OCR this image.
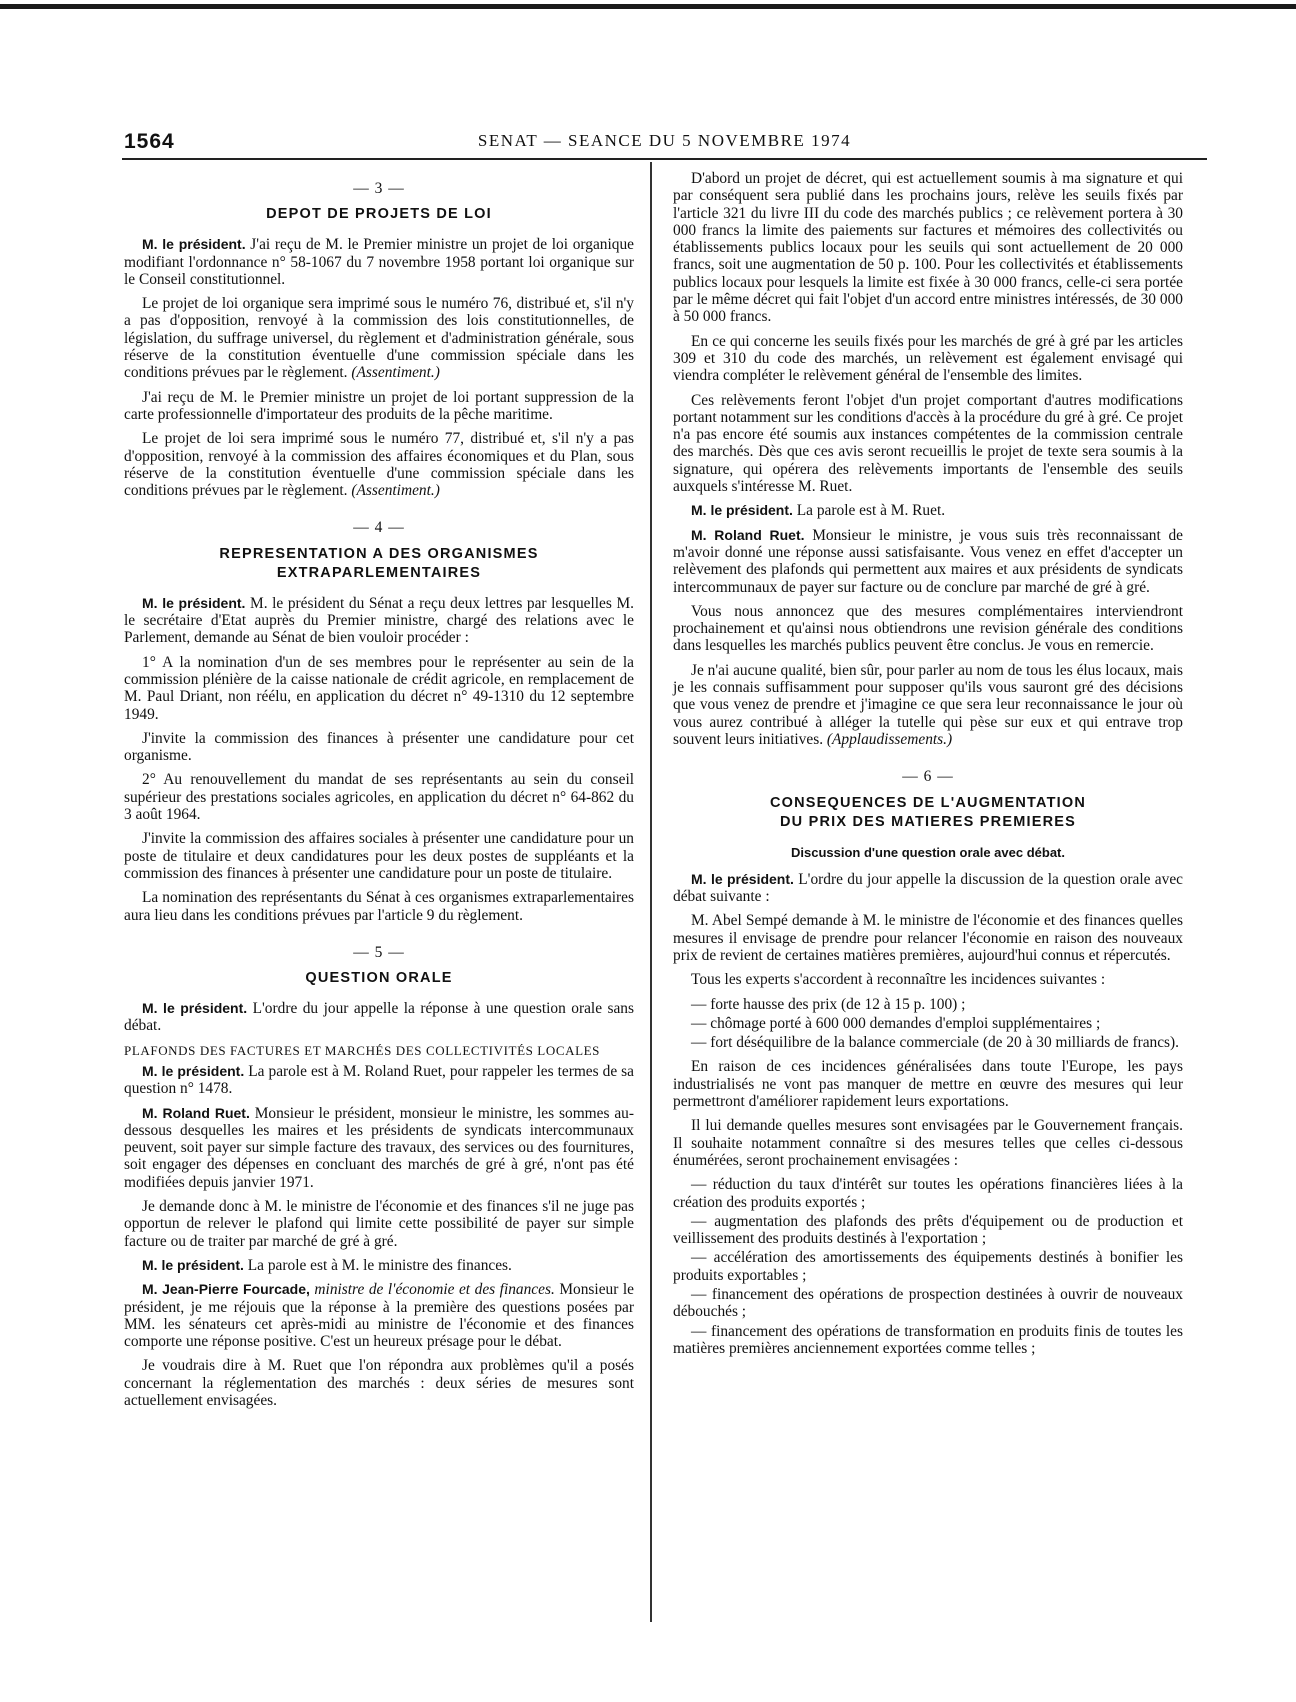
1564	SENAT — SEANCE DU 5 NOVEMBRE 1974
— 3 —
DEPOT DE PROJETS DE LOI

M. le président. J'ai reçu de M. le Premier ministre un projet de loi organique modifiant l'ordonnance n° 58-1067 du 7 novembre 1958 portant loi organique sur le Conseil constitutionnel.

Le projet de loi organique sera imprimé sous le numéro 76, distribué et, s'il n'y a pas d'opposition, renvoyé à la commission des lois constitutionnelles, de législation, du suffrage universel, du règlement et d'administration générale, sous réserve de la constitution éventuelle d'une commission spéciale dans les conditions prévues par le règlement. (Assentiment.)

J'ai reçu de M. le Premier ministre un projet de loi portant suppression de la carte professionnelle d'importateur des produits de la pêche maritime.

Le projet de loi sera imprimé sous le numéro 77, distribué et, s'il n'y a pas d'opposition, renvoyé à la commission des affaires économiques et du Plan, sous réserve de la constitution éventuelle d'une commission spéciale dans les conditions prévues par le règlement. (Assentiment.)

— 4 —
REPRESENTATION A DES ORGANISMES
EXTRAPARLEMENTAIRES

M. le président. M. le président du Sénat a reçu deux lettres par lesquelles M. le secrétaire d'Etat auprès du Premier ministre, chargé des relations avec le Parlement, demande au Sénat de bien vouloir procéder :

1° A la nomination d'un de ses membres pour le représenter au sein de la commission plénière de la caisse nationale de crédit agricole, en remplacement de M. Paul Driant, non réélu, en application du décret n° 49-1310 du 12 septembre 1949.

J'invite la commission des finances à présenter une candidature pour cet organisme.

2° Au renouvellement du mandat de ses représentants au sein du conseil supérieur des prestations sociales agricoles, en application du décret n° 64-862 du 3 août 1964.

J'invite la commission des affaires sociales à présenter une candidature pour un poste de titulaire et deux candidatures pour les deux postes de suppléants et la commission des finances à présenter une candidature pour un poste de titulaire.

La nomination des représentants du Sénat à ces organismes extraparlementaires aura lieu dans les conditions prévues par l'article 9 du règlement.

— 5 —
QUESTION ORALE

M. le président. L'ordre du jour appelle la réponse à une question orale sans débat.

PLAFONDS DES FACTURES ET MARCHÉS DES COLLECTIVITÉS LOCALES

M. le président. La parole est à M. Roland Ruet, pour rappeler les termes de sa question n° 1478.

M. Roland Ruet. Monsieur le président, monsieur le ministre, les sommes au-dessous desquelles les maires et les présidents de syndicats intercommunaux peuvent, soit payer sur simple facture des travaux, des services ou des fournitures, soit engager des dépenses en concluant des marchés de gré à gré, n'ont pas été modifiées depuis janvier 1971.

Je demande donc à M. le ministre de l'économie et des finances s'il ne juge pas opportun de relever le plafond qui limite cette possibilité de payer sur simple facture ou de traiter par marché de gré à gré.

M. le président. La parole est à M. le ministre des finances.

M. Jean-Pierre Fourcade, ministre de l'économie et des finances. Monsieur le président, je me réjouis que la réponse à la première des questions posées par MM. les sénateurs cet après-midi au ministre de l'économie et des finances comporte une réponse positive. C'est un heureux présage pour le débat.

Je voudrais dire à M. Ruet que l'on répondra aux problèmes qu'il a posés concernant la réglementation des marchés : deux séries de mesures sont actuellement envisagées.

D'abord un projet de décret, qui est actuellement soumis à ma signature et qui par conséquent sera publié dans les prochains jours, relève les seuils fixés par l'article 321 du livre III du code des marchés publics ; ce relèvement portera à 30 000 francs la limite des paiements sur factures et mémoires des collectivités ou établissements publics locaux pour les seuils qui sont actuellement de 20 000 francs, soit une augmentation de 50 p. 100. Pour les collectivités et établissements publics locaux pour lesquels la limite est fixée à 30 000 francs, celle-ci sera portée par le même décret qui fait l'objet d'un accord entre ministres intéressés, de 30 000 à 50 000 francs.

En ce qui concerne les seuils fixés pour les marchés de gré à gré par les articles 309 et 310 du code des marchés, un relèvement est également envisagé qui viendra compléter le relèvement général de l'ensemble des limites.

Ces relèvements feront l'objet d'un projet comportant d'autres modifications portant notamment sur les conditions d'accès à la procédure du gré à gré. Ce projet n'a pas encore été soumis aux instances compétentes de la commission centrale des marchés. Dès que ces avis seront recueillis le projet de texte sera soumis à la signature, qui opérera des relèvements importants de l'ensemble des seuils auxquels s'intéresse M. Ruet.

M. le président. La parole est à M. Ruet.

M. Roland Ruet. Monsieur le ministre, je vous suis très reconnaissant de m'avoir donné une réponse aussi satisfaisante. Vous venez en effet d'accepter un relèvement des plafonds qui permettent aux maires et aux présidents de syndicats intercommunaux de payer sur facture ou de conclure par marché de gré à gré.

Vous nous annoncez que des mesures complémentaires interviendront prochainement et qu'ainsi nous obtiendrons une revision générale des conditions dans lesquelles les marchés publics peuvent être conclus. Je vous en remercie.

Je n'ai aucune qualité, bien sûr, pour parler au nom de tous les élus locaux, mais je les connais suffisamment pour supposer qu'ils vous sauront gré des décisions que vous venez de prendre et j'imagine ce que sera leur reconnaissance le jour où vous aurez contribué à alléger la tutelle qui pèse sur eux et qui entrave trop souvent leurs initiatives. (Applaudissements.)

— 6 —
CONSEQUENCES DE L'AUGMENTATION
DU PRIX DES MATIERES PREMIERES
Discussion d'une question orale avec débat.

M. le président. L'ordre du jour appelle la discussion de la question orale avec débat suivante :

M. Abel Sempé demande à M. le ministre de l'économie et des finances quelles mesures il envisage de prendre pour relancer l'économie en raison des nouveaux prix de revient de certaines matières premières, aujourd'hui connus et répercutés.

Tous les experts s'accordent à reconnaître les incidences suivantes :

— forte hausse des prix (de 12 à 15 p. 100) ;

— chômage porté à 600 000 demandes d'emploi supplémentaires ;

— fort déséquilibre de la balance commerciale (de 20 à 30 milliards de francs).

En raison de ces incidences généralisées dans toute l'Europe, les pays industrialisés ne vont pas manquer de mettre en œuvre des mesures qui leur permettront d'améliorer rapidement leurs exportations.

Il lui demande quelles mesures sont envisagées par le Gouvernement français. Il souhaite notamment connaître si des mesures telles que celles ci-dessous énumérées, seront prochainement envisagées :

— réduction du taux d'intérêt sur toutes les opérations financières liées à la création des produits exportés ;

— augmentation des plafonds des prêts d'équipement ou de production et veillissement des produits destinés à l'exportation ;

— accélération des amortissements des équipements destinés à bonifier les produits exportables ;

— financement des opérations de prospection destinées à ouvrir de nouveaux débouchés ;

— financement des opérations de transformation en produits finis de toutes les matières premières anciennement exportées comme telles ;
